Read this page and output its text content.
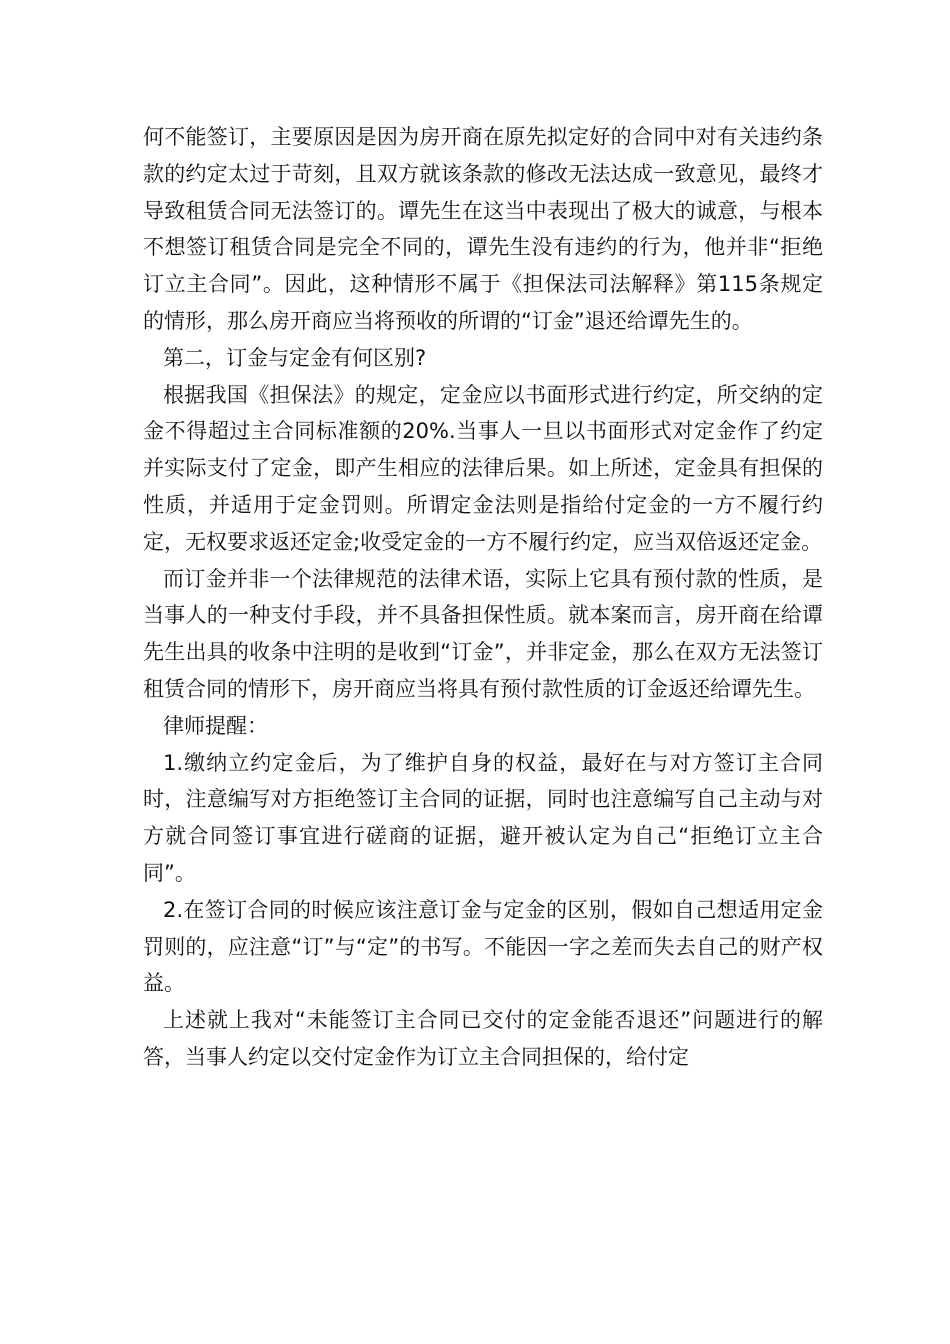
何不能签订，主要原因是因为房开商在原先拟定好的合同中对有关违约条款的约定太过于苛刻，且双方就该条款的修改无法达成一致意见，最终才导致租赁合同无法签订的。谭先生在这当中表现出了极大的诚意，与根本不想签订租赁合同是完全不同的，谭先生没有违约的行为，他并非“拒绝订立主合同”。因此，这种情形不属于《担保法司法解释》第115条规定的情形，那么房开商应当将预收的所谓的“订金”退还给谭先生的。

第二，订金与定金有何区别?

根据我国《担保法》的规定，定金应以书面形式进行约定，所交纳的定金不得超过主合同标准额的20%.当事人一旦以书面形式对定金作了约定并实际支付了定金，即产生相应的法律后果。如上所述，定金具有担保的性质，并适用于定金罚则。所谓定金法则是指给付定金的一方不履行约定，无权要求返还定金;收受定金的一方不履行约定，应当双倍返还定金。

而订金并非一个法律规范的法律术语，实际上它具有预付款的性质，是当事人的一种支付手段，并不具备担保性质。就本案而言，房开商在给谭先生出具的收条中注明的是收到“订金”，并非定金，那么在双方无法签订租赁合同的情形下，房开商应当将具有预付款性质的订金返还给谭先生。

律师提醒：

1.缴纳立约定金后，为了维护自身的权益，最好在与对方签订主合同时，注意编写对方拒绝签订主合同的证据，同时也注意编写自己主动与对方就合同签订事宜进行磋商的证据，避开被认定为自己“拒绝订立主合同”。

2.在签订合同的时候应该注意订金与定金的区别，假如自己想适用定金罚则的，应注意“订”与“定”的书写。不能因一字之差而失去自己的财产权益。

上述就上我对“未能签订主合同已交付的定金能否退还”问题进行的解答，当事人约定以交付定金作为订立主合同担保的，给付定
